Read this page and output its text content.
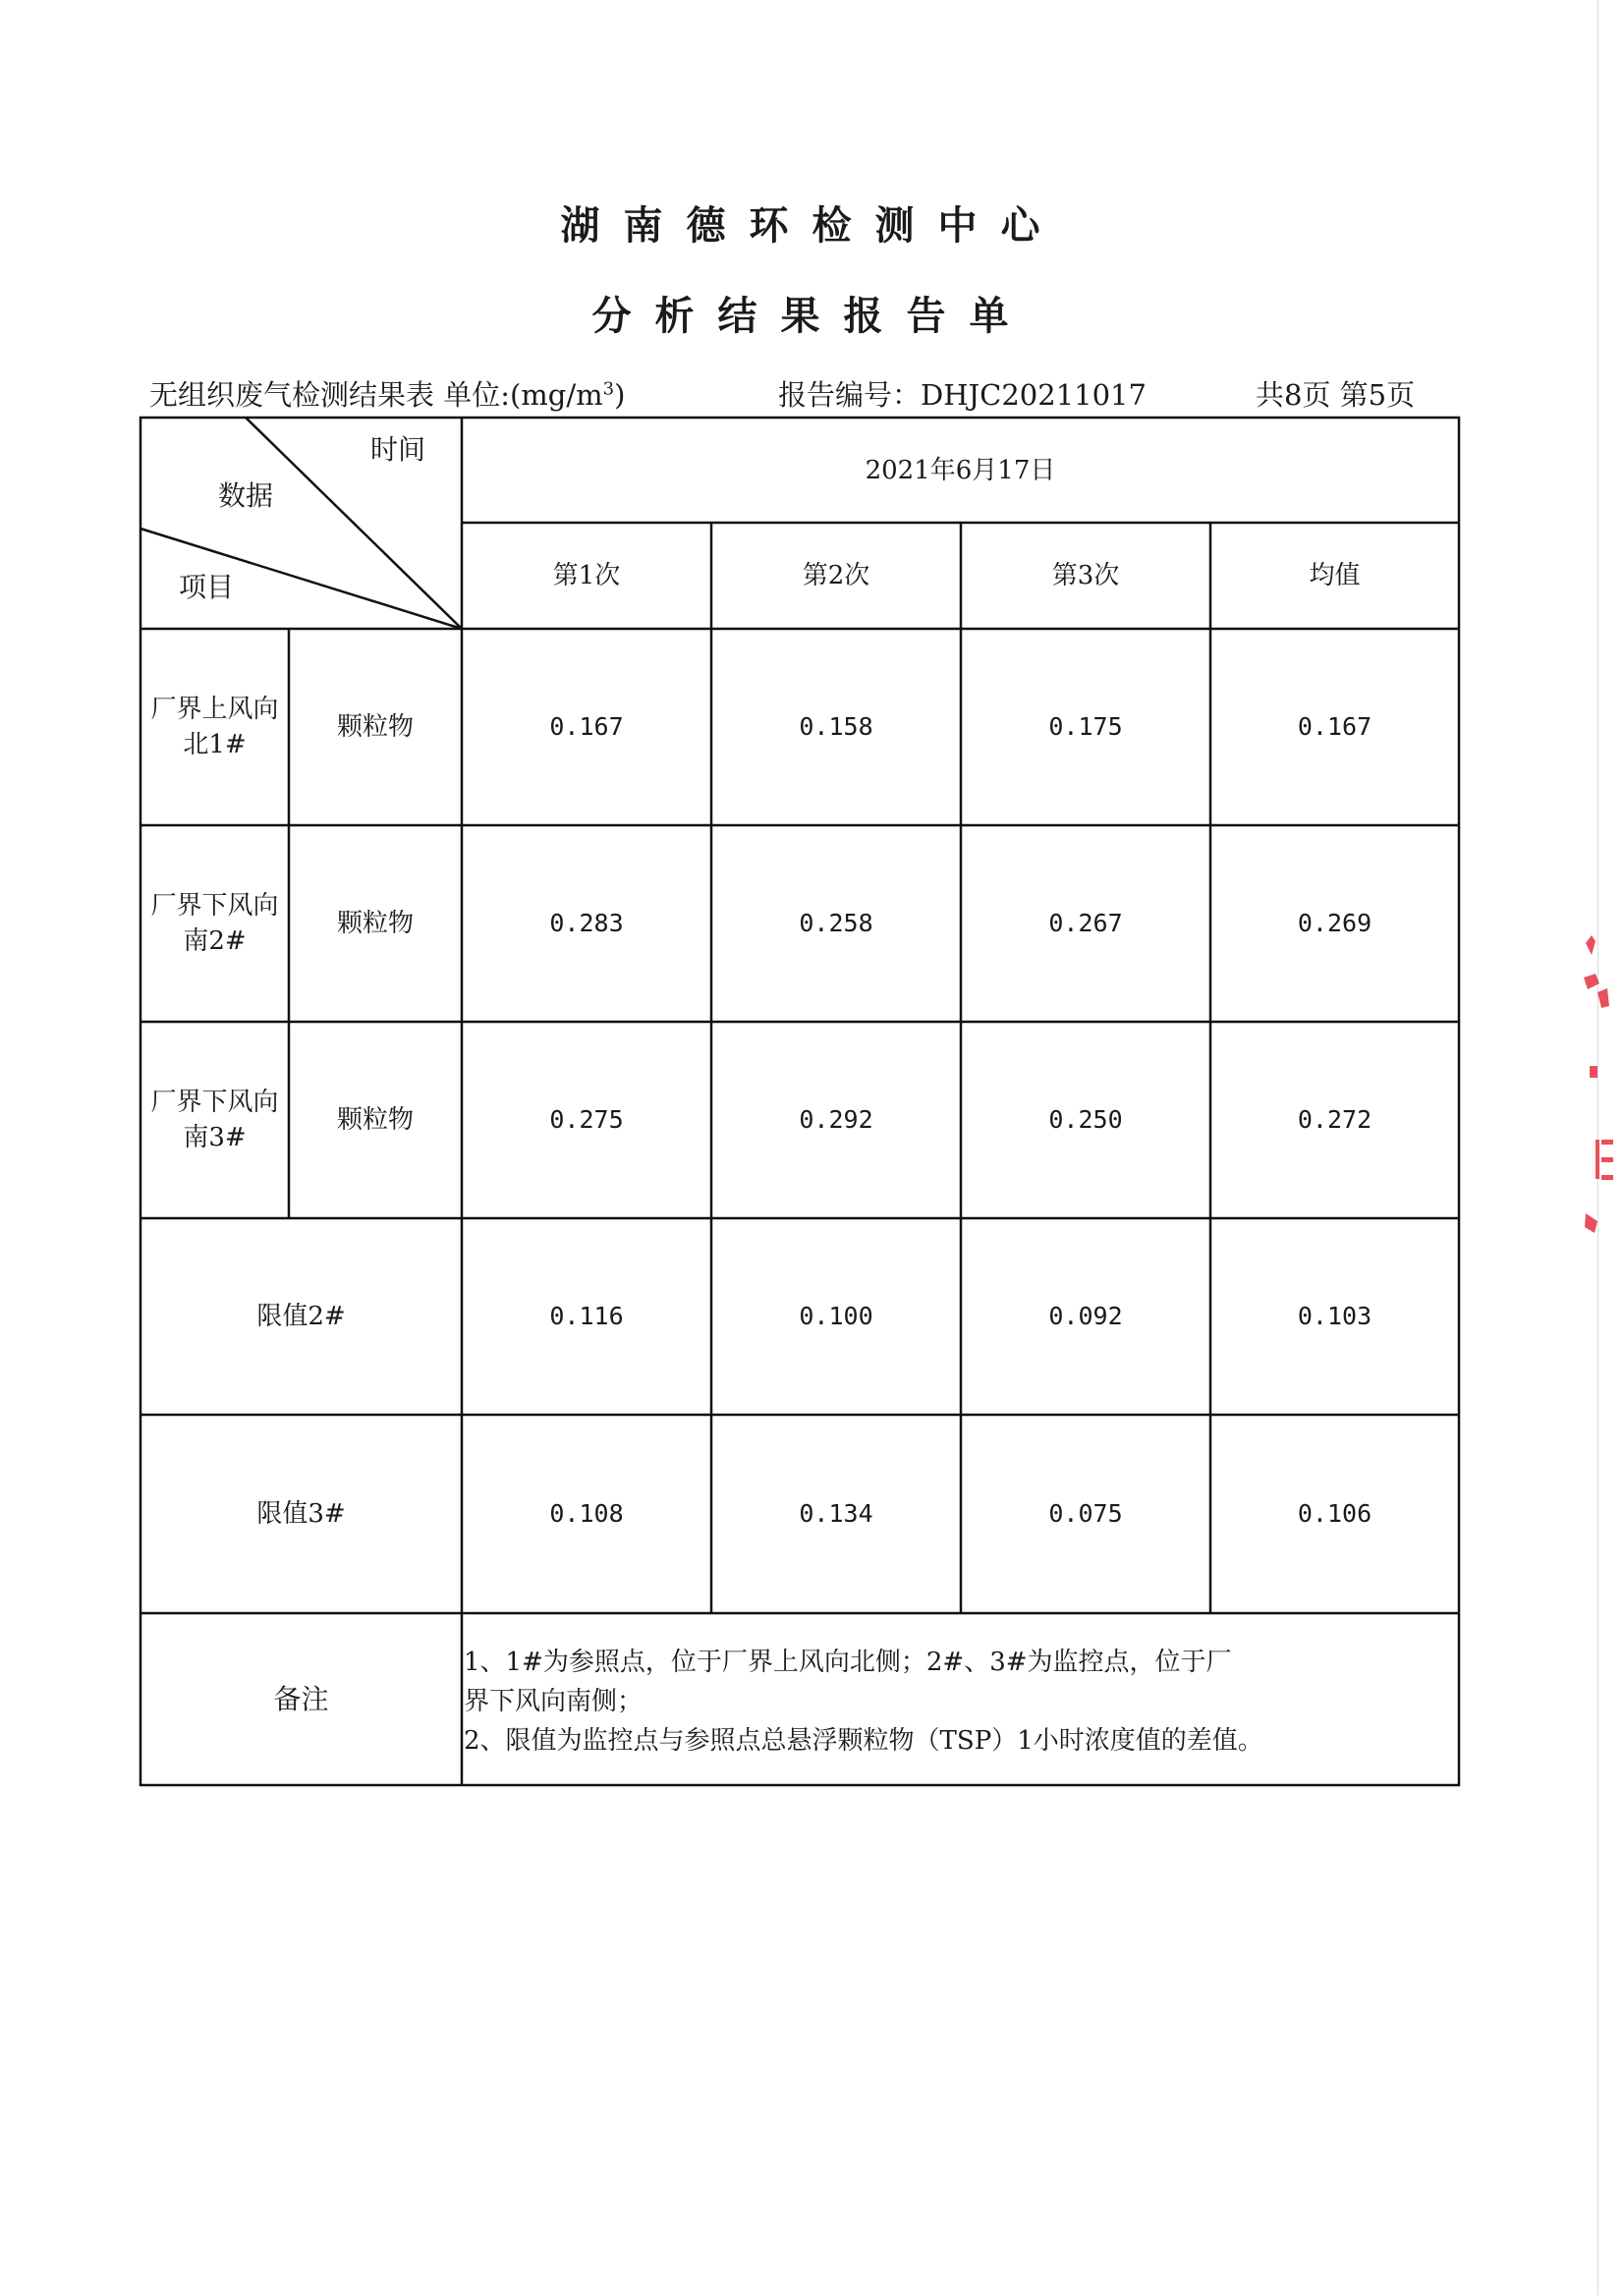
湖南德环检测中心
分析结果报告单
无组织废气检测结果表 单位$:(mg/m^3)$	报告编号：DHJC20211017	共8页 第5页
时间
数据
项目
2021年6月17日
第1次	第2次	第3次	均值
厂界上风向
北1#
颗粒物	0.167	0.158	0.175	0.167
厂界下风向
南2#
颗粒物	0.283	0.258	0.267	0.269
厂界下风向
南3#
颗粒物	0.275	0.292	0.250	0.272
限值2#	0.116	0.100	0.092	0.103
限值3#	0.108	0.134	0.075	0.106
备注
1、1#为参照点，位于厂界上风向北侧；2#、3#为监控点，位于厂
界下风向南侧；
2、限值为监控点与参照点总悬浮颗粒物（TSP）1小时浓度值的差值。
